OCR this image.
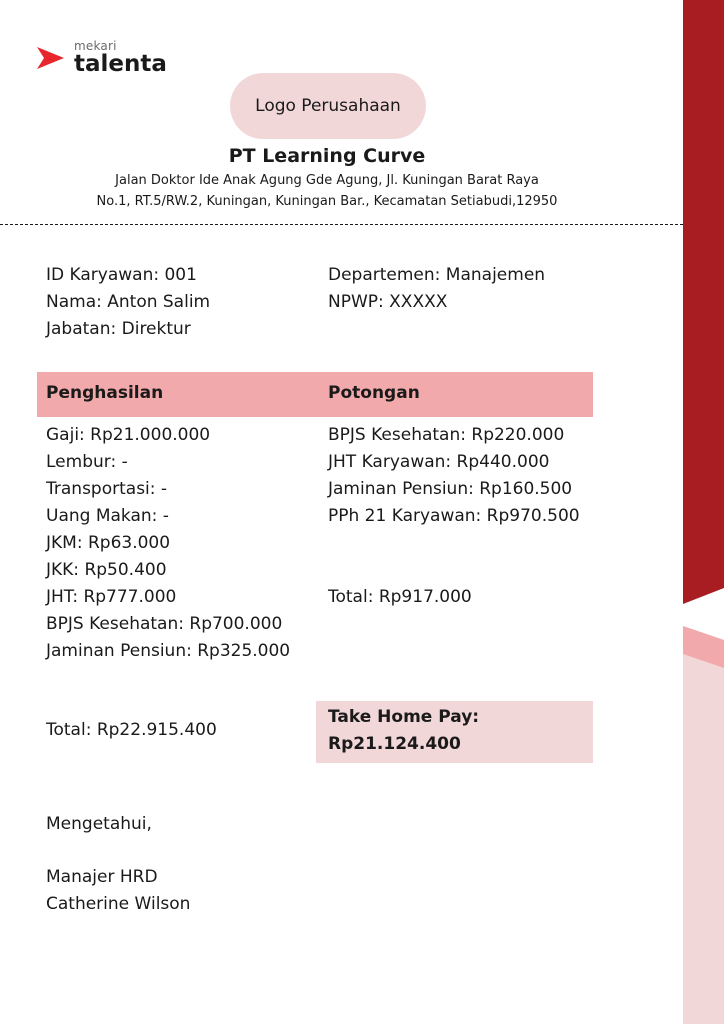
mekari
talenta
Logo Perusahaan
PT Learning Curve
Jalan Doktor Ide Anak Agung Gde Agung, Jl. Kuningan Barat Raya
No.1, RT.5/RW.2, Kuningan, Kuningan Bar., Kecamatan Setiabudi,12950
ID Karyawan: 001
Nama: Anton Salim
Jabatan: Direktur
Departemen: Manajemen
NPWP: XXXXX
Penghasilan	Potongan
Gaji: Rp21.000.000
Lembur: -
Transportasi: -
Uang Makan: -
JKM: Rp63.000
JKK: Rp50.400
JHT: Rp777.000
BPJS Kesehatan: Rp700.000
Jaminan Pensiun: Rp325.000
BPJS Kesehatan: Rp220.000
JHT Karyawan: Rp440.000
Jaminan Pensiun: Rp160.500
PPh 21 Karyawan: Rp970.500
Total: Rp917.000
Total: Rp22.915.400
Take Home Pay:
Rp21.124.400
Mengetahui,
Manajer HRD
Catherine Wilson
